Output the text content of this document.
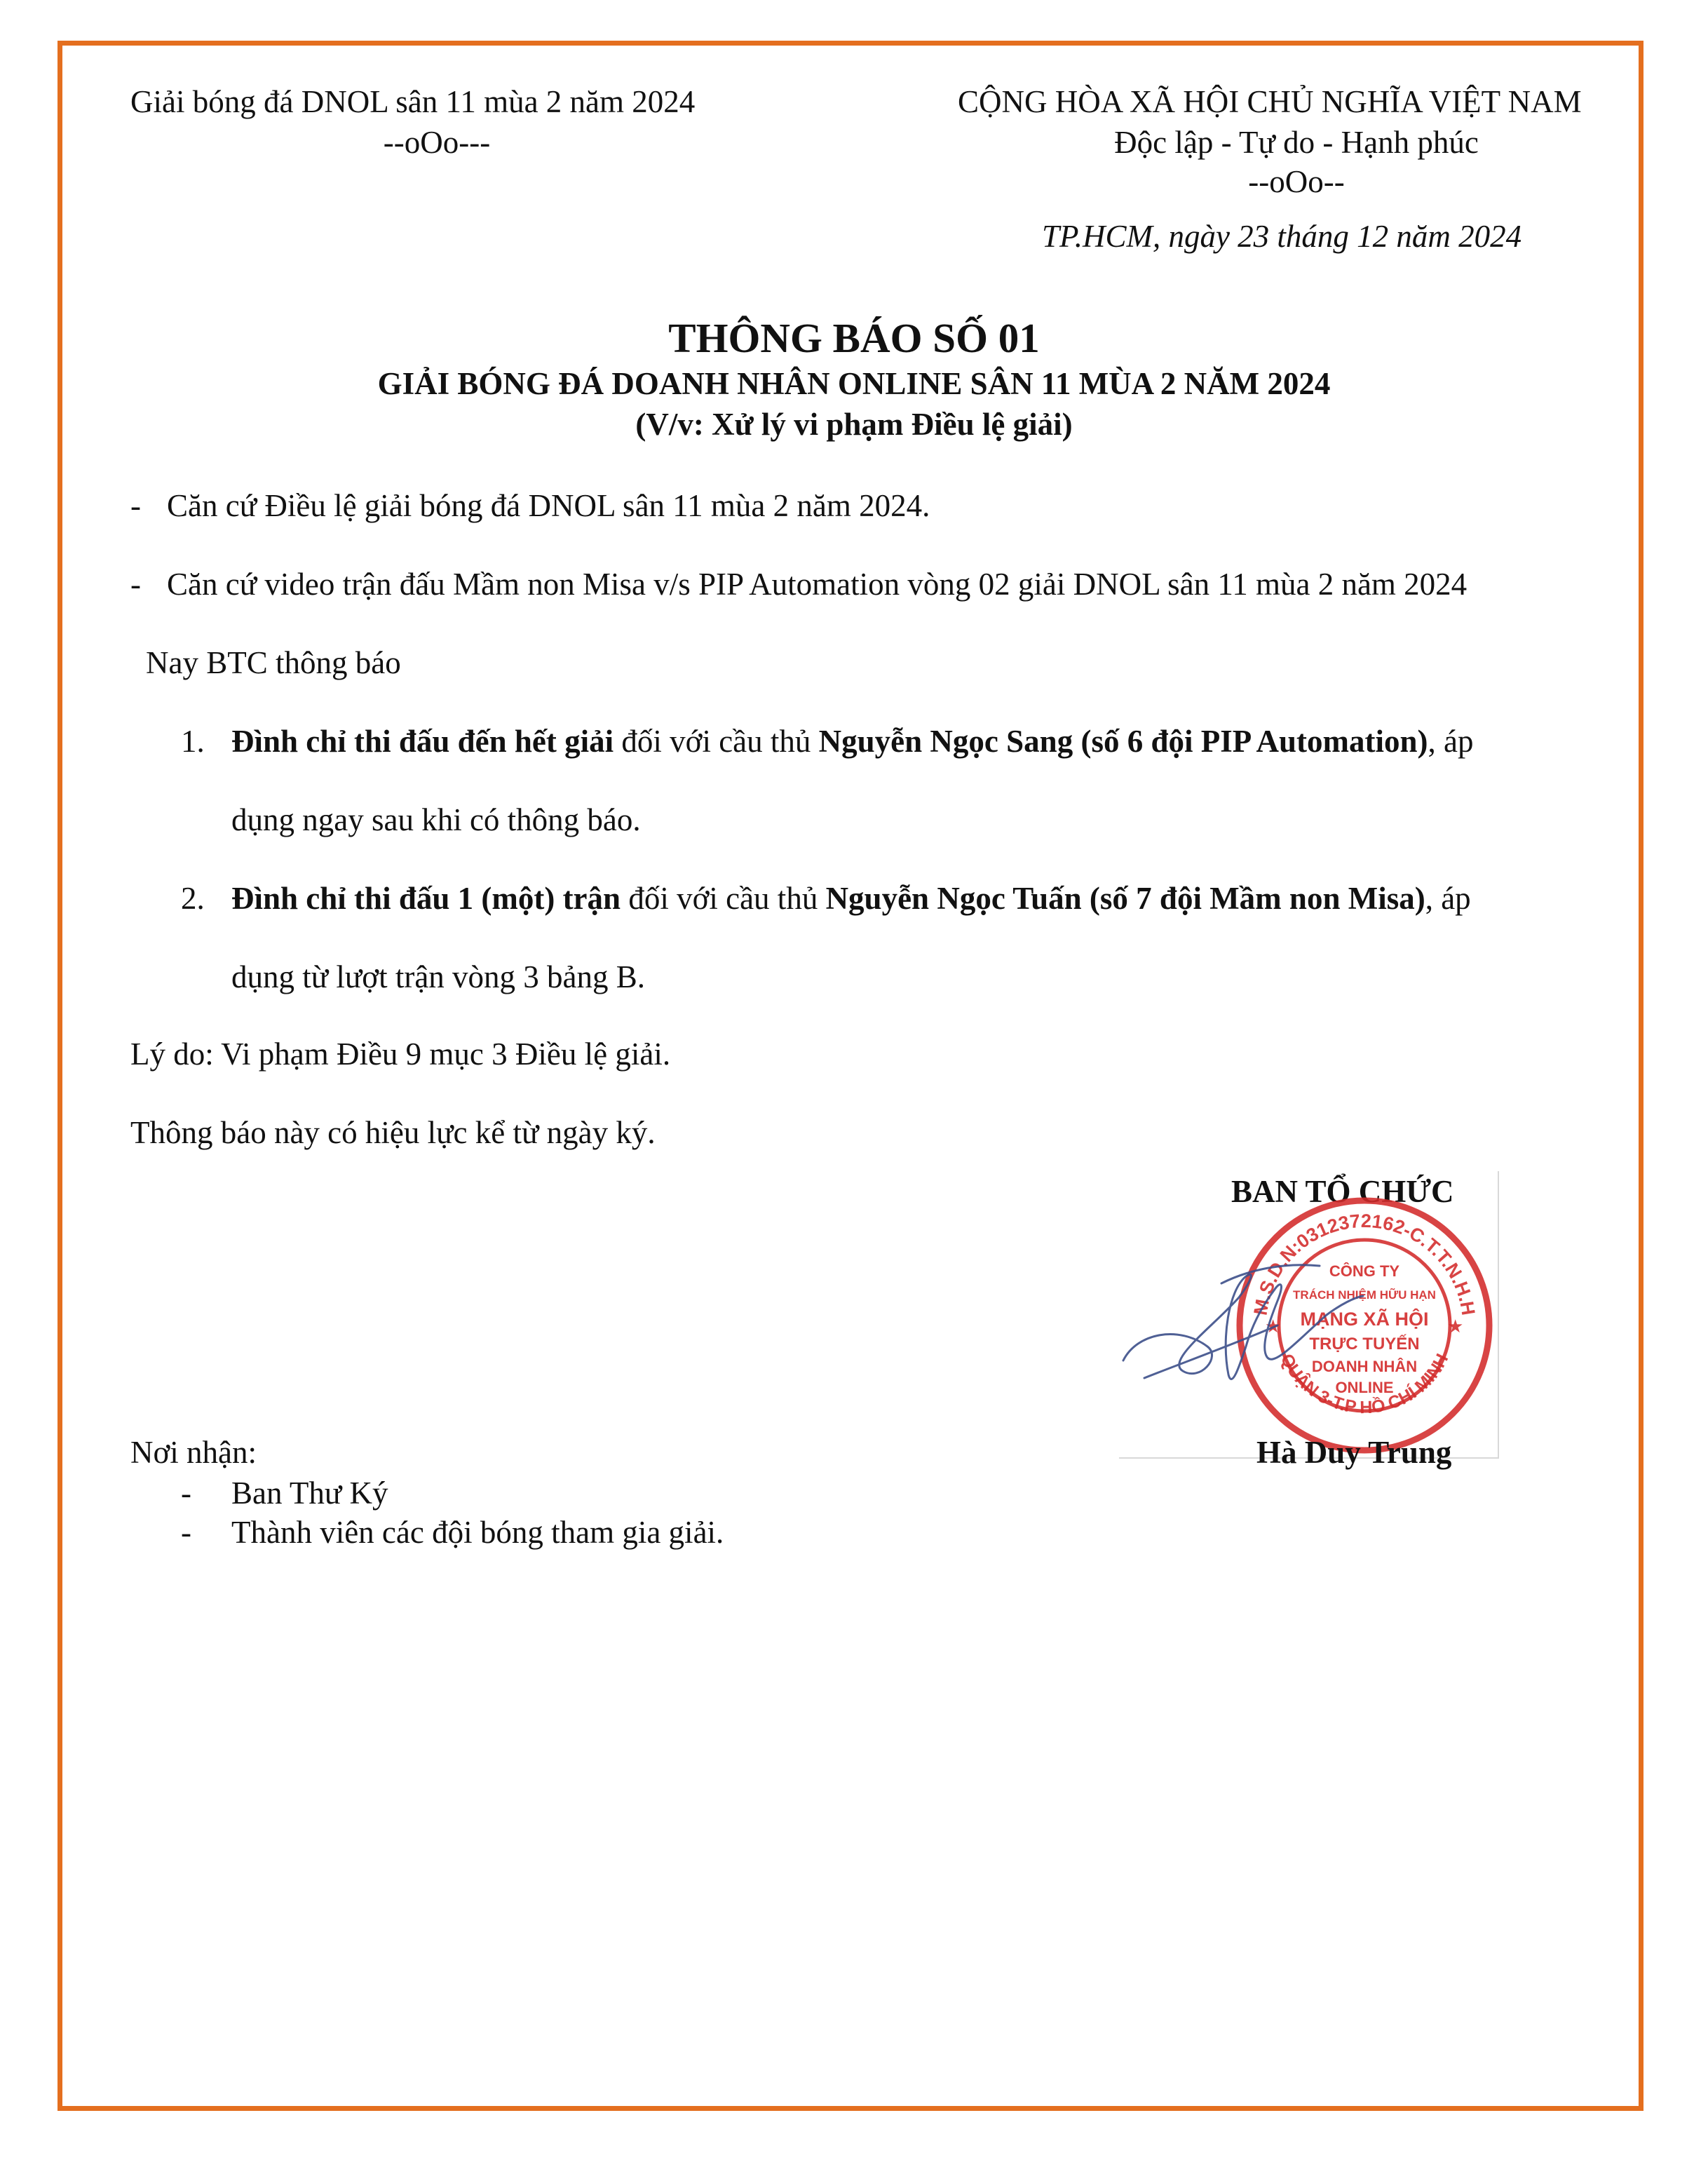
Giải bóng đá DNOL sân 11 mùa 2 năm 2024
--oOo---
CỘNG HÒA XÃ HỘI CHỦ NGHĨA VIỆT NAM
Độc lập - Tự do - Hạnh phúc
--oOo--
TP.HCM, ngày 23 tháng 12 năm 2024
THÔNG BÁO SỐ 01
GIẢI BÓNG ĐÁ DOANH NHÂN ONLINE SÂN 11 MÙA 2 NĂM 2024
(V/v: Xử lý vi phạm Điều lệ giải)
- Căn cứ Điều lệ giải bóng đá DNOL sân 11 mùa 2 năm 2024.
- Căn cứ video trận đấu Mầm non Misa v/s PIP Automation vòng 02 giải DNOL sân 11 mùa 2 năm 2024
Nay BTC thông báo
1. Đình chỉ thi đấu đến hết giải đối với cầu thủ Nguyễn Ngọc Sang (số 6 đội PIP Automation), áp
dụng ngay sau khi có thông báo.
2. Đình chỉ thi đấu 1 (một) trận đối với cầu thủ Nguyễn Ngọc Tuấn (số 7 đội Mầm non Misa), áp
dụng từ lượt trận vòng 3 bảng B.
Lý do: Vi phạm Điều 9 mục 3 Điều lệ giải.
Thông báo này có hiệu lực kể từ ngày ký.
BAN TỔ CHỨC
M.S.D.N:0312372162-C.T.T.N.H.H
QUẬN 3-T.P HỒ CHÍ MINH
★	★
CÔNG TY
TRÁCH NHIỆM HỮU HẠN
MẠNG XÃ HỘI
TRỰC TUYẾN
DOANH NHÂN
ONLINE
Hà Duy Trung
Nơi nhận:
- Ban Thư Ký
- Thành viên các đội bóng tham gia giải.
